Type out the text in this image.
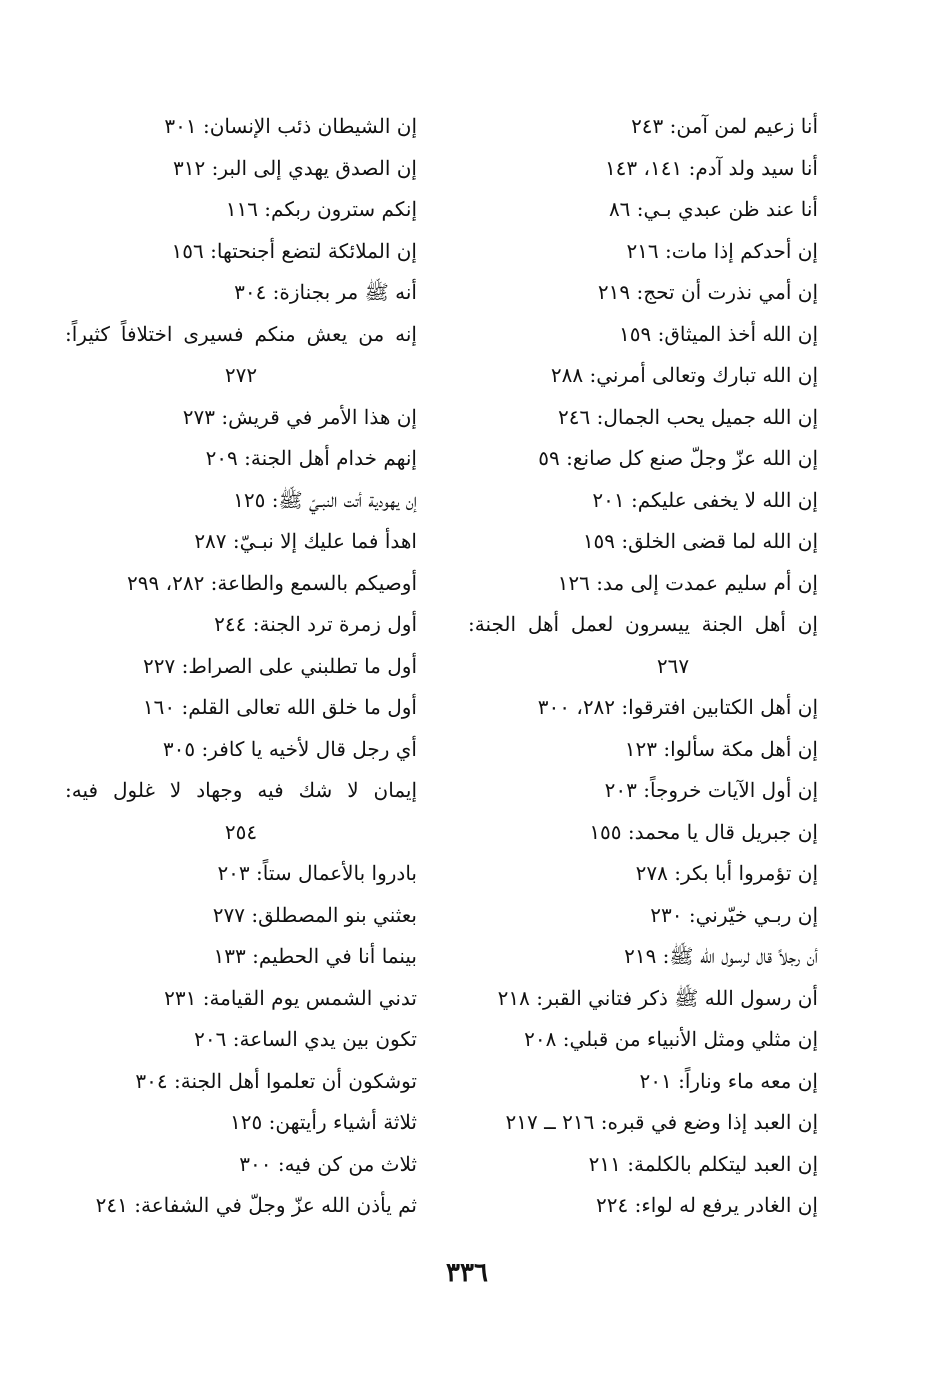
أنا زعيم لمن آمن: ٢٤٣
أنا سيد ولد آدم: ١٤١، ١٤٣
أنا عند ظن عبدي بـي: ٨٦
إن أحدكم إذا مات: ٢١٦
إن أمي نذرت أن تحج: ٢١٩
إن الله أخذ الميثاق: ١٥٩
إن الله تبارك وتعالى أمرني: ٢٨٨
إن الله جميل يحب الجمال: ٢٤٦
إن الله عزّ وجلّ صنع كل صانع: ٥٩
إن الله لا يخفى عليكم: ٢٠١
إن الله لما قضى الخلق: ١٥٩
إن أم سليم عمدت إلى مد: ١٢٦
إن أهل الجنة ييسرون لعمل أهل الجنة:
٢٦٧
إن أهل الكتابين افترقوا: ٢٨٢، ٣٠٠
إن أهل مكة سألوا: ١٢٣
إن أول الآيات خروجاً: ٢٠٣
إن جبريل قال يا محمد: ١٥٥
إن تؤمروا أبا بكر: ٢٧٨
إن ربـي خيّرني: ٢٣٠
أن رجلاً قال لرسول الله ﷺ: ٢١٩
أن رسول الله ﷺ ذكر فتاني القبر: ٢١٨
إن مثلي ومثل الأنبياء من قبلي: ٢٠٨
إن معه ماء وناراً: ٢٠١
إن العبد إذا وضع في قبره: ٢١٦ ــ ٢١٧
إن العبد ليتكلم بالكلمة: ٢١١
إن الغادر يرفع له لواء: ٢٢٤
إن الشيطان ذئب الإنسان: ٣٠١
إن الصدق يهدي إلى البر: ٣١٢
إنكم سترون ربكم: ١١٦
إن الملائكة لتضع أجنحتها: ١٥٦
أنه ﷺ مر بجنازة: ٣٠٤
إنه من يعش منكم فسيرى اختلافاً كثيراً:
٢٧٢
إن هذا الأمر في قريش: ٢٧٣
إنهم خدام أهل الجنة: ٢٠٩
إن يهودية أتت النبـيّ ﷺ: ١٢٥
اهدأ فما عليك إلا نبـيّ: ٢٨٧
أوصيكم بالسمع والطاعة: ٢٨٢، ٢٩٩
أول زمرة ترد الجنة: ٢٤٤
أول ما تطلبني على الصراط: ٢٢٧
أول ما خلق الله تعالى القلم: ١٦٠
أي رجل قال لأخيه يا كافر: ٣٠٥
إيمان لا شك فيه وجهاد لا غلول فيه:
٢٥٤
بادروا بالأعمال ستاً: ٢٠٣
بعثني بنو المصطلق: ٢٧٧
بينما أنا في الحطيم: ١٣٣
تدني الشمس يوم القيامة: ٢٣١
تكون بين يدي الساعة: ٢٠٦
توشكون أن تعلموا أهل الجنة: ٣٠٤
ثلاثة أشياء رأيتهن: ١٢٥
ثلاث من كن فيه: ٣٠٠
ثم يأذن الله عزّ وجلّ في الشفاعة: ٢٤١
٣٣٦
